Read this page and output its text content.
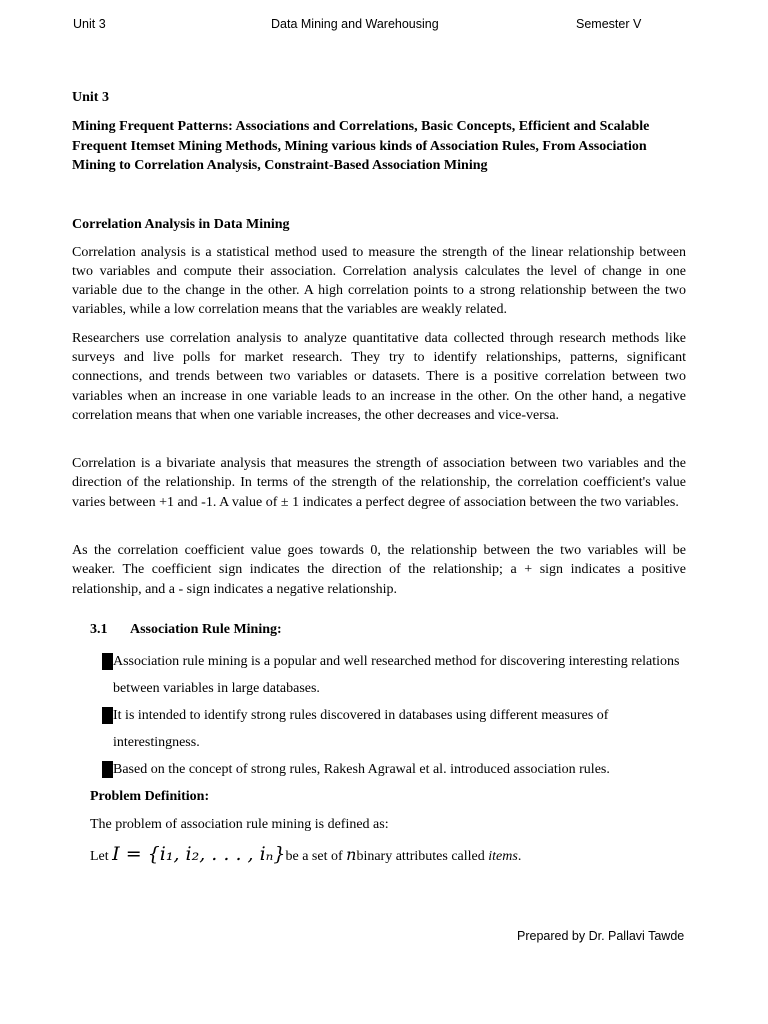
Unit 3	Data Mining and Warehousing	Semester V
Unit 3
Mining Frequent Patterns: Associations and Correlations, Basic Concepts, Efficient and Scalable Frequent Itemset Mining Methods, Mining various kinds of Association Rules, From Association Mining to Correlation Analysis, Constraint-Based Association Mining
Correlation Analysis in Data Mining

Correlation analysis is a statistical method used to measure the strength of the linear relationship between two variables and compute their association. Correlation analysis calculates the level of change in one variable due to the change in the other. A high correlation points to a strong relationship between the two variables, while a low correlation means that the variables are weakly related.

Researchers use correlation analysis to analyze quantitative data collected through research methods like surveys and live polls for market research. They try to identify relationships, patterns, significant connections, and trends between two variables or datasets. There is a positive correlation between two variables when an increase in one variable leads to an increase in the other. On the other hand, a negative correlation means that when one variable increases, the other decreases and vice-versa.

Correlation is a bivariate analysis that measures the strength of association between two variables and the direction of the relationship. In terms of the strength of the relationship, the correlation coefficient's value varies between +1 and -1. A value of ± 1 indicates a perfect degree of association between the two variables.

As the correlation coefficient value goes towards 0, the relationship between the two variables will be weaker. The coefficient sign indicates the direction of the relationship; a + sign indicates a positive relationship, and a - sign indicates a negative relationship.

3.1 Association Rule Mining:
Association rule mining is a popular and well researched method for discovering interesting relations between variables in large databases.
It is intended to identify strong rules discovered in databases using different measures of interestingness.
Based on the concept of strong rules, Rakesh Agrawal et al. introduced association rules.
Problem Definition:
The problem of association rule mining is defined as:
Let I = {i₁, i₂, . . . , iₙ}be a set of nbinary attributes called items.
Prepared by Dr. Pallavi Tawde
